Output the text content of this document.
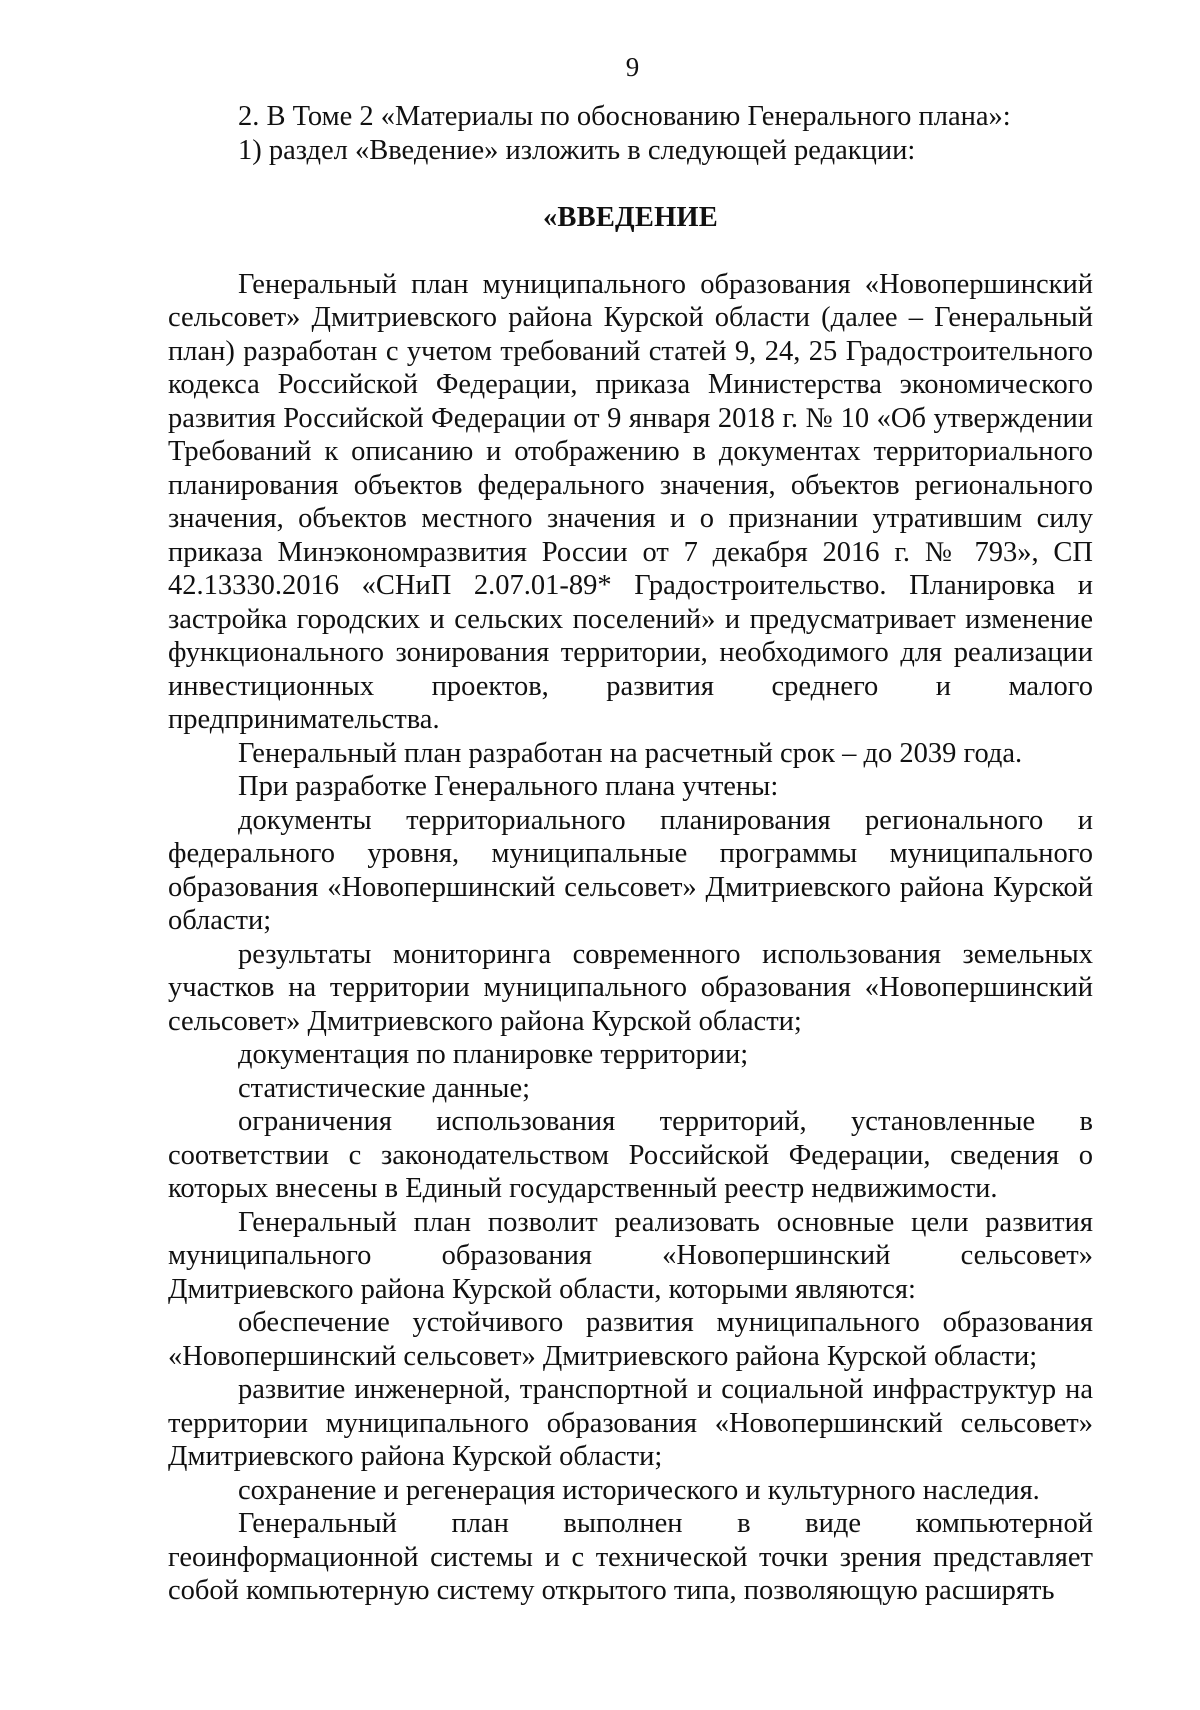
9

2. В Томе 2 «Материалы по обоснованию Генерального плана»:

1) раздел «Введение» изложить в следующей редакции:

«ВВЕДЕНИЕ

Генеральный план муниципального образования «Новопершинский сельсовет» Дмитриевского района Курской области (далее – Генеральный план) разработан с учетом требований статей 9, 24, 25 Градостроительного кодекса Российской Федерации, приказа Министерства экономического развития Российской Федерации от 9 января 2018 г. № 10 «Об утверждении Требований к описанию и отображению в документах территориального планирования объектов федерального значения, объектов регионального значения, объектов местного значения и о признании утратившим силу приказа Минэкономразвития России от 7 декабря 2016 г. № 793», СП 42.13330.2016 «СНиП 2.07.01-89* Градостроительство. Планировка и застройка городских и сельских поселений» и предусматривает изменение функционального зонирования территории, необходимого для реализации инвестиционных проектов, развития среднего и малого предпринимательства.

Генеральный план разработан на расчетный срок – до 2039 года.

При разработке Генерального плана учтены:

документы территориального планирования регионального и федерального уровня, муниципальные программы муниципального образования «Новопершинский сельсовет» Дмитриевского района Курской области;

результаты мониторинга современного использования земельных участков на территории муниципального образования «Новопершинский сельсовет» Дмитриевского района Курской области;

документация по планировке территории;

статистические данные;

ограничения использования территорий, установленные в соответствии с законодательством Российской Федерации, сведения о которых внесены в Единый государственный реестр недвижимости.

Генеральный план позволит реализовать основные цели развития муниципального образования «Новопершинский сельсовет» Дмитриевского района Курской области, которыми являются:

обеспечение устойчивого развития муниципального образования «Новопершинский сельсовет» Дмитриевского района Курской области;

развитие инженерной, транспортной и социальной инфраструктур на территории муниципального образования «Новопершинский сельсовет» Дмитриевского района Курской области;

сохранение и регенерация исторического и культурного наследия.

Генеральный план выполнен в виде компьютерной геоинформационной системы и с технической точки зрения представляет собой компьютерную систему открытого типа, позволяющую расширять
